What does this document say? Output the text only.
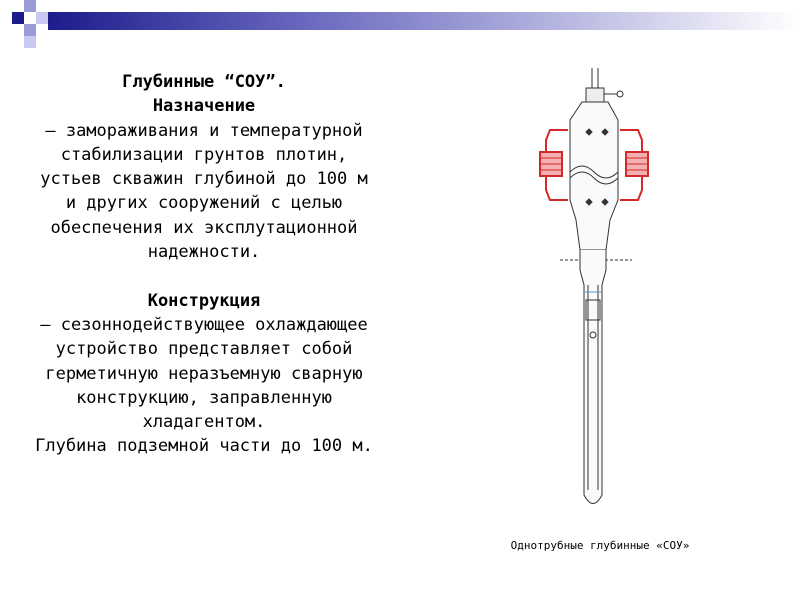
Глубинные “СОУ”.

Назначение

– замораживания и температурной стабилизации грунтов плотин, устьев скважин глубиной до 100 м и других сооружений с целью обеспечения их эксплутационной надежности.

Конструкция

– сезоннодействующее охлаждающее устройство представляет собой герметичную неразъемную сварную конструкцию, заправленную хладагентом.

Глубина подземной части до 100 м.

Однотрубные глубинные «СОУ»
